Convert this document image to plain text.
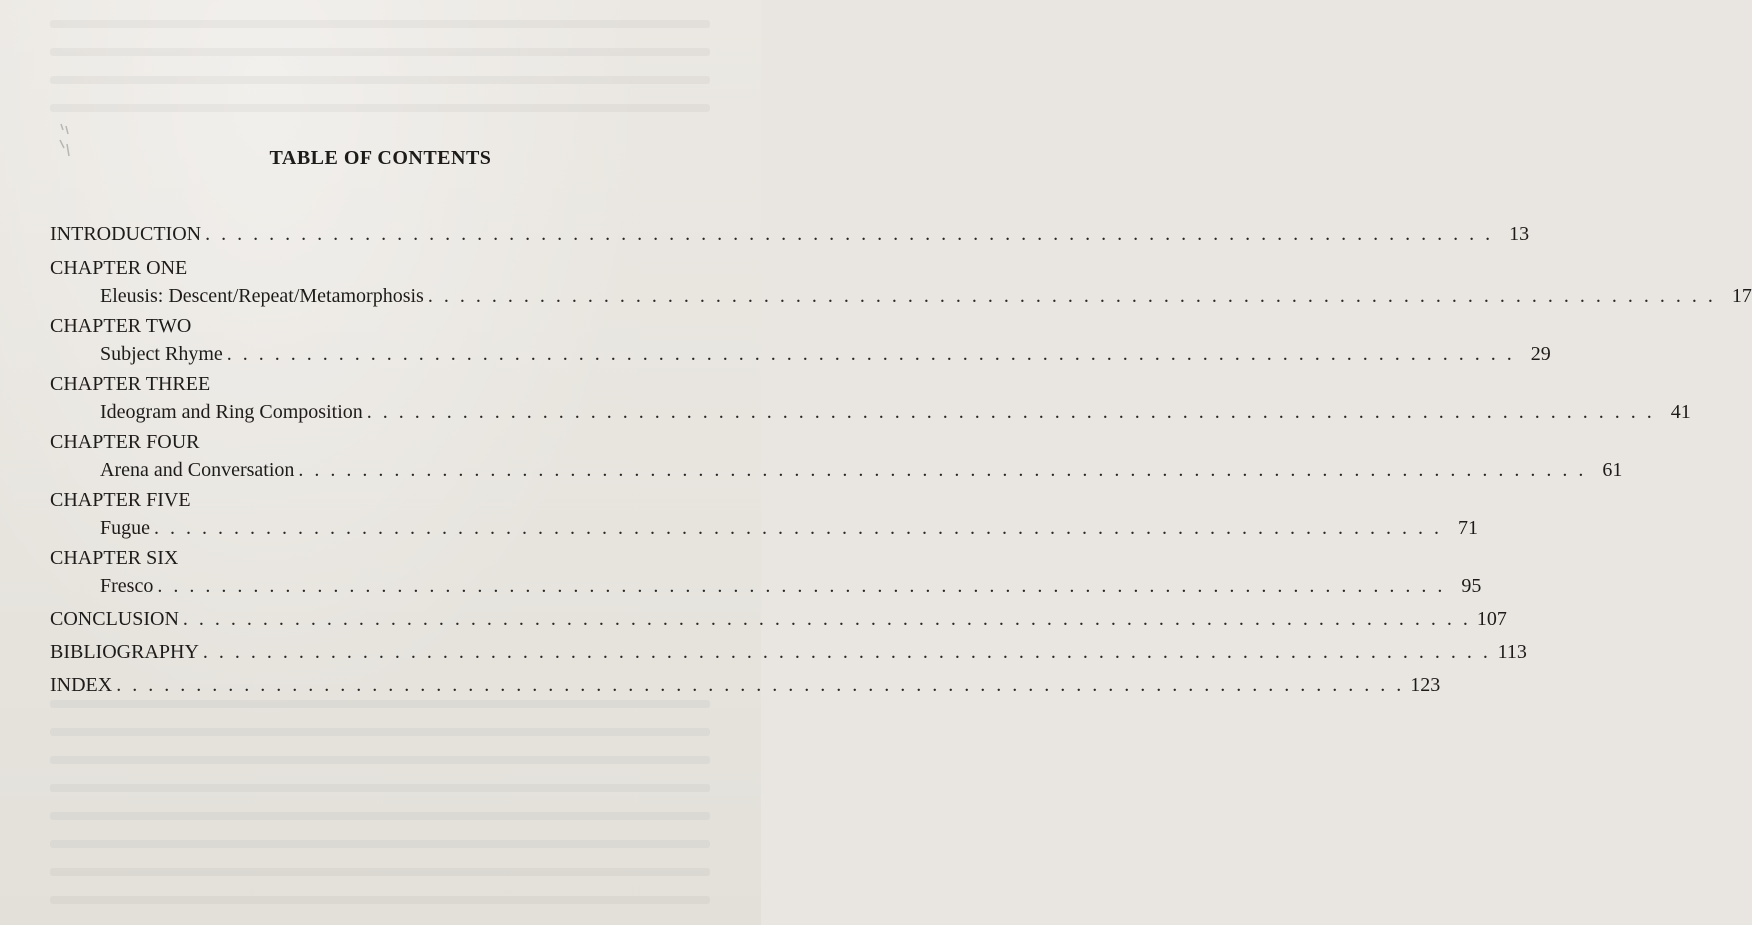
TABLE OF CONTENTS
INTRODUCTION . . . . . . . . . . . . . . . . . . . . . . . . . . . . . . . . . . . . . . . . . . . . . . . . . . . . . . . . . . . . . . . . . . . . . . . . . . . . . . . . . 13
CHAPTER ONE
Eleusis: Descent/Repeat/Metamorphosis . . . . . . . . . . . . . . . . . . . . . . . . . . . . . . . . . . . . . . . . . . . . . . . . . . . . . . . . . . . . . . . . . . . . . . . . . . . . . . . . . 17
CHAPTER TWO
Subject Rhyme . . . . . . . . . . . . . . . . . . . . . . . . . . . . . . . . . . . . . . . . . . . . . . . . . . . . . . . . . . . . . . . . . . . . . . . . . . . . . . . . . 29
CHAPTER THREE
Ideogram and Ring Composition . . . . . . . . . . . . . . . . . . . . . . . . . . . . . . . . . . . . . . . . . . . . . . . . . . . . . . . . . . . . . . . . . . . . . . . . . . . . . . . . . 41
CHAPTER FOUR
Arena and Conversation . . . . . . . . . . . . . . . . . . . . . . . . . . . . . . . . . . . . . . . . . . . . . . . . . . . . . . . . . . . . . . . . . . . . . . . . . . . . . . . . . 61
CHAPTER FIVE
Fugue . . . . . . . . . . . . . . . . . . . . . . . . . . . . . . . . . . . . . . . . . . . . . . . . . . . . . . . . . . . . . . . . . . . . . . . . . . . . . . . . . 71
CHAPTER SIX
Fresco . . . . . . . . . . . . . . . . . . . . . . . . . . . . . . . . . . . . . . . . . . . . . . . . . . . . . . . . . . . . . . . . . . . . . . . . . . . . . . . . . 95
CONCLUSION . . . . . . . . . . . . . . . . . . . . . . . . . . . . . . . . . . . . . . . . . . . . . . . . . . . . . . . . . . . . . . . . . . . . . . . . . . . . . . . . . 107
BIBLIOGRAPHY . . . . . . . . . . . . . . . . . . . . . . . . . . . . . . . . . . . . . . . . . . . . . . . . . . . . . . . . . . . . . . . . . . . . . . . . . . . . . . . . . 113
INDEX . . . . . . . . . . . . . . . . . . . . . . . . . . . . . . . . . . . . . . . . . . . . . . . . . . . . . . . . . . . . . . . . . . . . . . . . . . . . . . . . . 123
